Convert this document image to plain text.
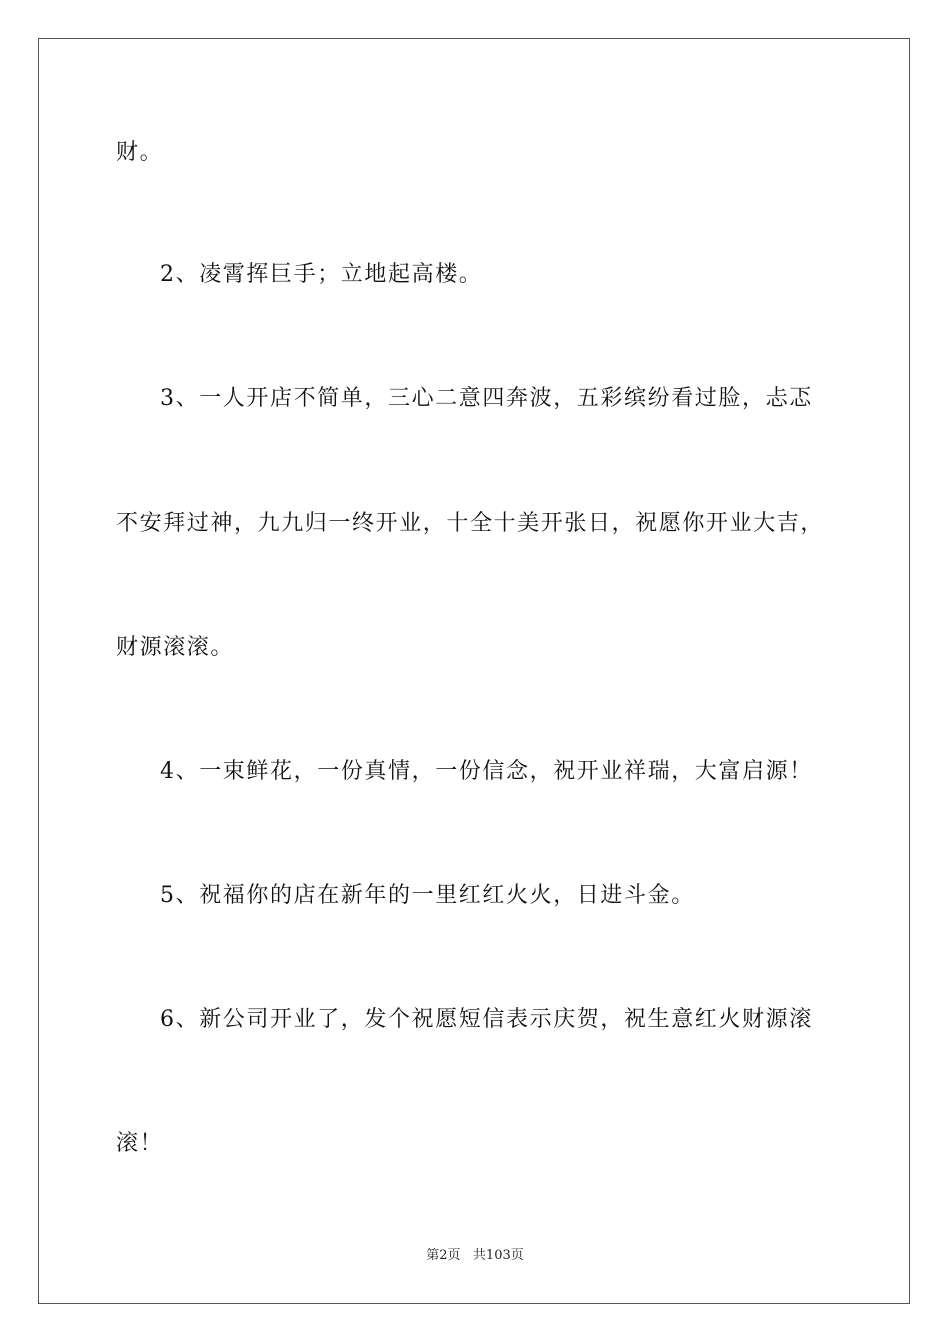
财。
2、凌霄挥巨手；立地起高楼。
3、一人开店不简单，三心二意四奔波，五彩缤纷看过脸，忐忑
不安拜过神，九九归一终开业，十全十美开张日，祝愿你开业大吉，
财源滚滚。
4、一束鲜花，一份真情，一份信念，祝开业祥瑞，大富启源！
5、祝福你的店在新年的一里红红火火，日进斗金。
6、新公司开业了，发个祝愿短信表示庆贺，祝生意红火财源滚
滚！
第2页   共103页
